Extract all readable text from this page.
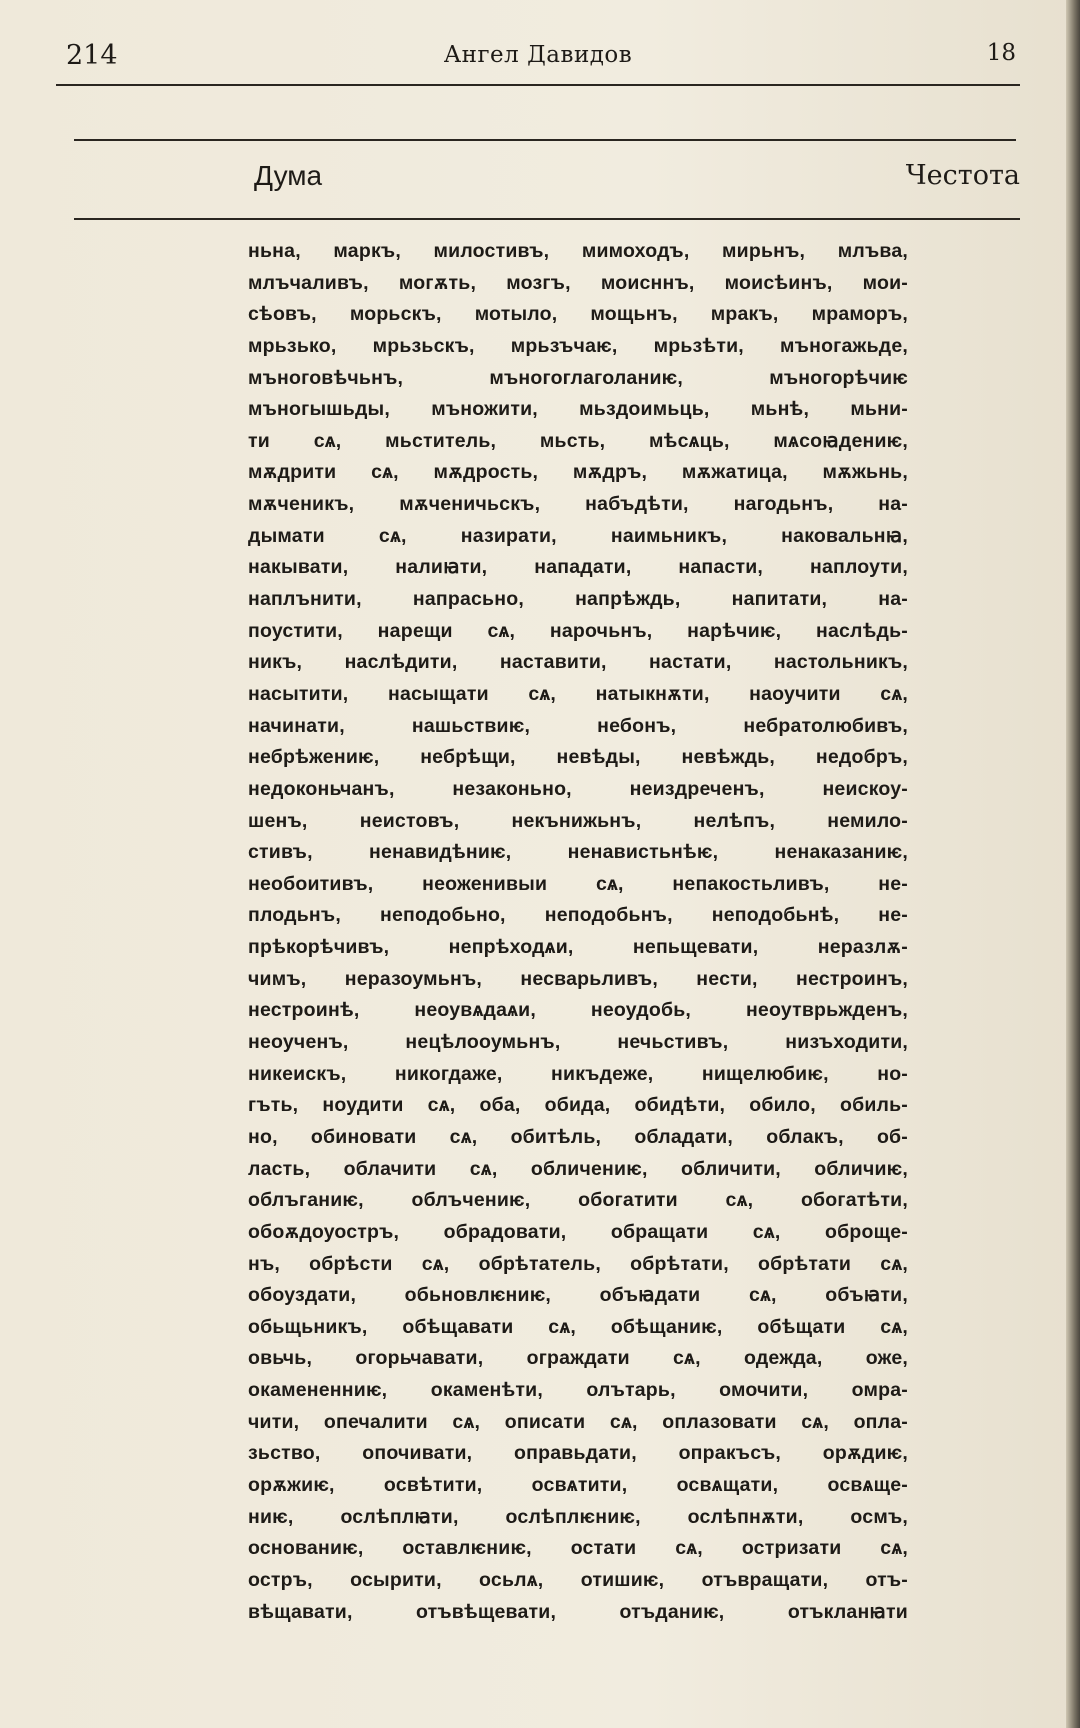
214	Ангел Давидов	18
Дума	Честота
ньна, маркъ, милостивъ, мимоходъ, мирьнъ, млъва,
млъчаливъ, могѫть, мозгъ, моисннъ, моисѣинъ, мои-
сѣовъ, морьскъ, мотыло, мощьнъ, мракъ, мраморъ,
мрьзько, мрьзьскъ, мрьзъчаѥ, мрьзѣти, мъногажьде,
мъноговѣчьнъ, мъногоглаголаниѥ, мъногорѣчиѥ
мъногышьды, мъножити, мьздоимьць, мьнѣ, мьни-
ти сѧ, мьститель, мьсть, мѣсѧць, мѧсоꙗдениѥ,
мѫдрити сѧ, мѫдрость, мѫдръ, мѫжатица, мѫжьнь,
мѫченикъ, мѫченичьскъ, набъдѣти, нагодьнъ, на-
дымати сѧ, назирати, наимьникъ, наковальнꙗ,
накывати, налиꙗти, нападати, напасти, наплоути,
наплънити, напрасьно, напрѣждь, напитати, на-
поустити, нарещи сѧ, нарочьнъ, нарѣчиѥ, наслѣдь-
никъ, наслѣдити, наставити, настати, настольникъ,
насытити, насыщати сѧ, натыкнѫти, наоучити сѧ,
начинати, нашьствиѥ, небонъ, небратолюбивъ,
небрѣжениѥ, небрѣщи, невѣды, невѣждь, недобръ,
недоконьчанъ, незаконьно, неиздреченъ, неискоу-
шенъ, неистовъ, некънижьнъ, нелѣпъ, немило-
стивъ, ненавидѣниѥ, ненавистьнѣѥ, ненаказаниѥ,
необоитивъ, неоженивыи сѧ, непакостьливъ, не-
плодьнъ, неподобьно, неподобьнъ, неподобьнѣ, не-
прѣкорѣчивъ, непрѣходѧи, непьщевати, неразлѫ-
чимъ, неразоумьнъ, несварьливъ, нести, нестроинъ,
нестроинѣ, неоувѧдаѧи, неоудобь, неоутврьжденъ,
неоученъ, нецѣлооумьнъ, нечьстивъ, низъходити,
никеискъ, никогдаже, никъдеже, нищелюбиѥ, но-
гъть, ноудити сѧ, оба, обида, обидѣти, обило, обиль-
но, обиновати сѧ, обитѣль, обладати, облакъ, об-
ласть, облачити сѧ, обличениѥ, обличити, обличиѥ,
облъганиѥ, облъчениѥ, обогатити сѧ, обогатѣти,
обоѫдоуостръ, обрадовати, обращати сѧ, оброще-
нъ, обрѣсти сѧ, обрѣтатель, обрѣтати, обрѣтати сѧ,
обоуздати, обьновлѥниѥ, объꙗдати сѧ, объꙗти,
обьщьникъ, обѣщавати сѧ, обѣщаниѥ, обѣщати сѧ,
овьчь, огорьчавати, ограждати сѧ, одежда, оже,
окамененниѥ, окаменѣти, олътарь, омочити, омра-
чити, опечалити сѧ, описати сѧ, оплазовати сѧ, опла-
зьство, опочивати, оправьдати, опракъсъ, орѫдиѥ,
орѫжиѥ, освѣтити, освѧтити, освѧщати, освѧще-
ниѥ, ослѣплꙗти, ослѣплѥниѥ, ослѣпнѫти, осмъ,
основаниѥ, оставлѥниѥ, остати сѧ, остризати сѧ,
остръ, осырити, осьлѧ, отишиѥ, отъвращати, отъ-
вѣщавати, отъвѣщевати, отъданиѥ, отъкланꙗти
